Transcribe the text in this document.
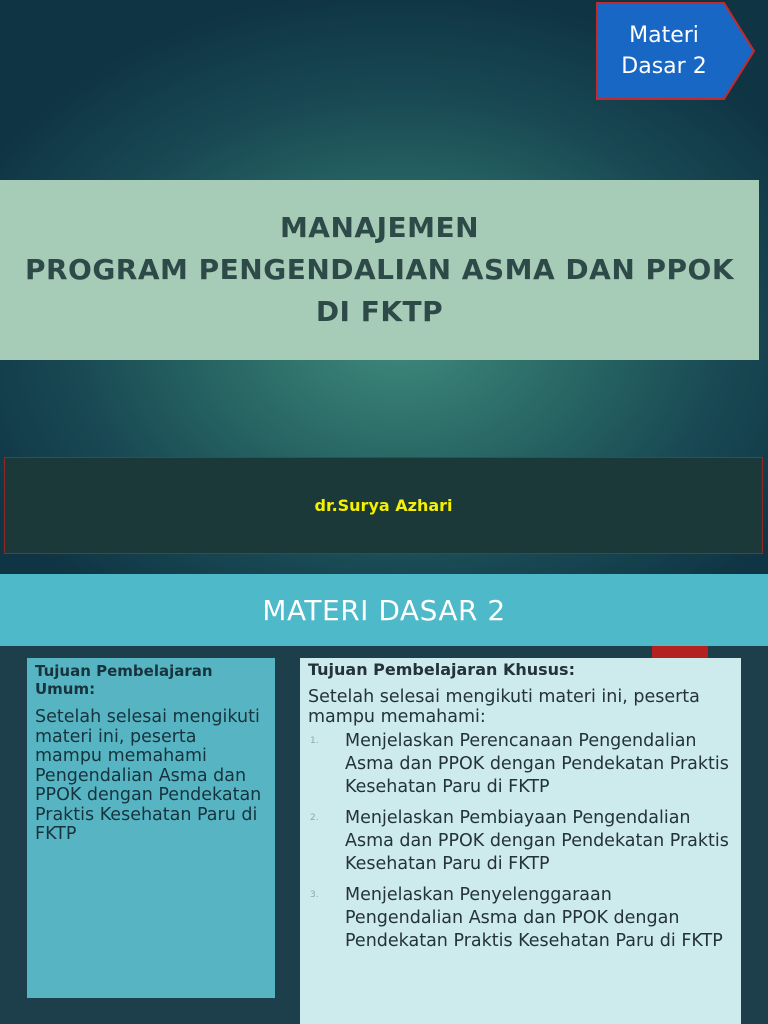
Materi
Dasar 2
MANAJEMEN
PROGRAM PENGENDALIAN ASMA DAN PPOK
DI FKTP
dr.Surya Azhari
MATERI DASAR 2
Tujuan Pembelajaran Umum:
Setelah selesai mengikuti materi ini, peserta mampu memahami Pengendalian Asma dan PPOK dengan Pendekatan Praktis Kesehatan Paru di FKTP
Tujuan Pembelajaran Khusus:
Setelah selesai mengikuti materi ini, peserta mampu memahami:
1. Menjelaskan Perencanaan Pengendalian Asma dan PPOK dengan Pendekatan Praktis Kesehatan Paru di FKTP
2. Menjelaskan Pembiayaan Pengendalian Asma dan PPOK dengan Pendekatan Praktis Kesehatan Paru di FKTP
3. Menjelaskan Penyelenggaraan Pengendalian Asma dan PPOK dengan Pendekatan Praktis Kesehatan Paru di FKTP
